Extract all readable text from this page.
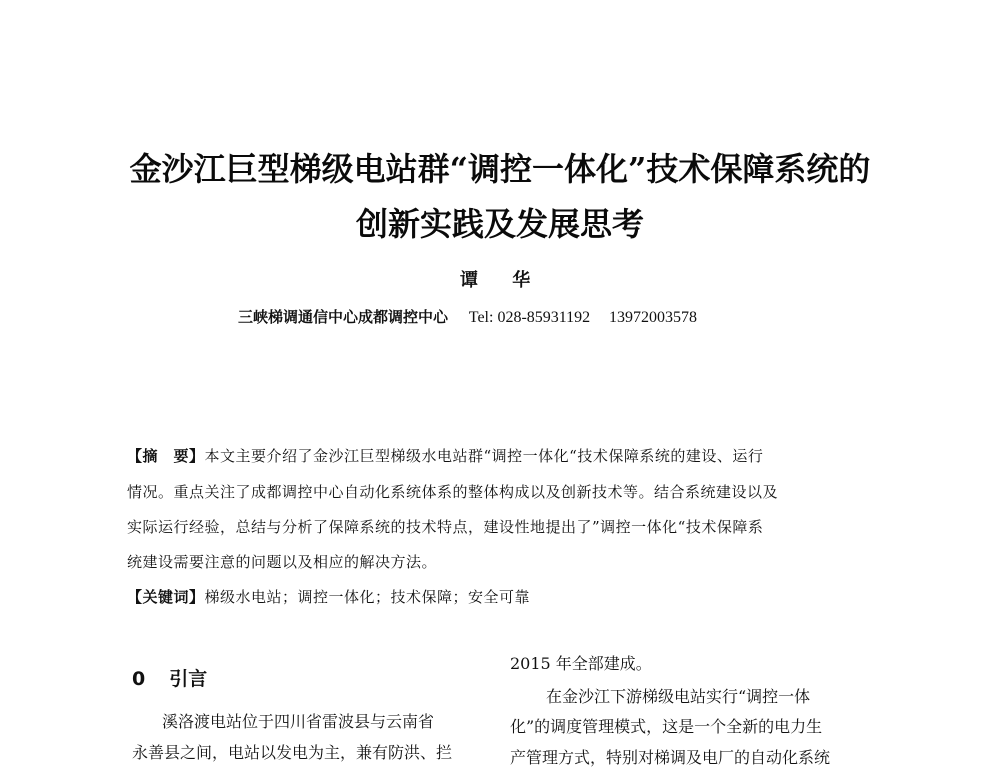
金沙江巨型梯级电站群“调控一体化”技术保障系统的
创新实践及发展思考
谭 华
三峡梯调通信中心成都调控中心 Tel: 028-85931192 13972003578
【摘　要】本文主要介绍了金沙江巨型梯级水电站群“调控一体化“技术保障系统的建设、运行
情况。重点关注了成都调控中心自动化系统体系的整体构成以及创新技术等。结合系统建设以及
实际运行经验，总结与分析了保障系统的技术特点，建设性地提出了”调控一体化“技术保障系
统建设需要注意的问题以及相应的解决方法。
【关键词】梯级水电站；调控一体化；技术保障；安全可靠
0 引言
溪洛渡电站位于四川省雷波县与云南省
永善县之间，电站以发电为主，兼有防洪、拦
2015 年全部建成。
在金沙江下游梯级电站实行“调控一体
化”的调度管理模式，这是一个全新的电力生
产管理方式，特别对梯调及电厂的自动化系统
